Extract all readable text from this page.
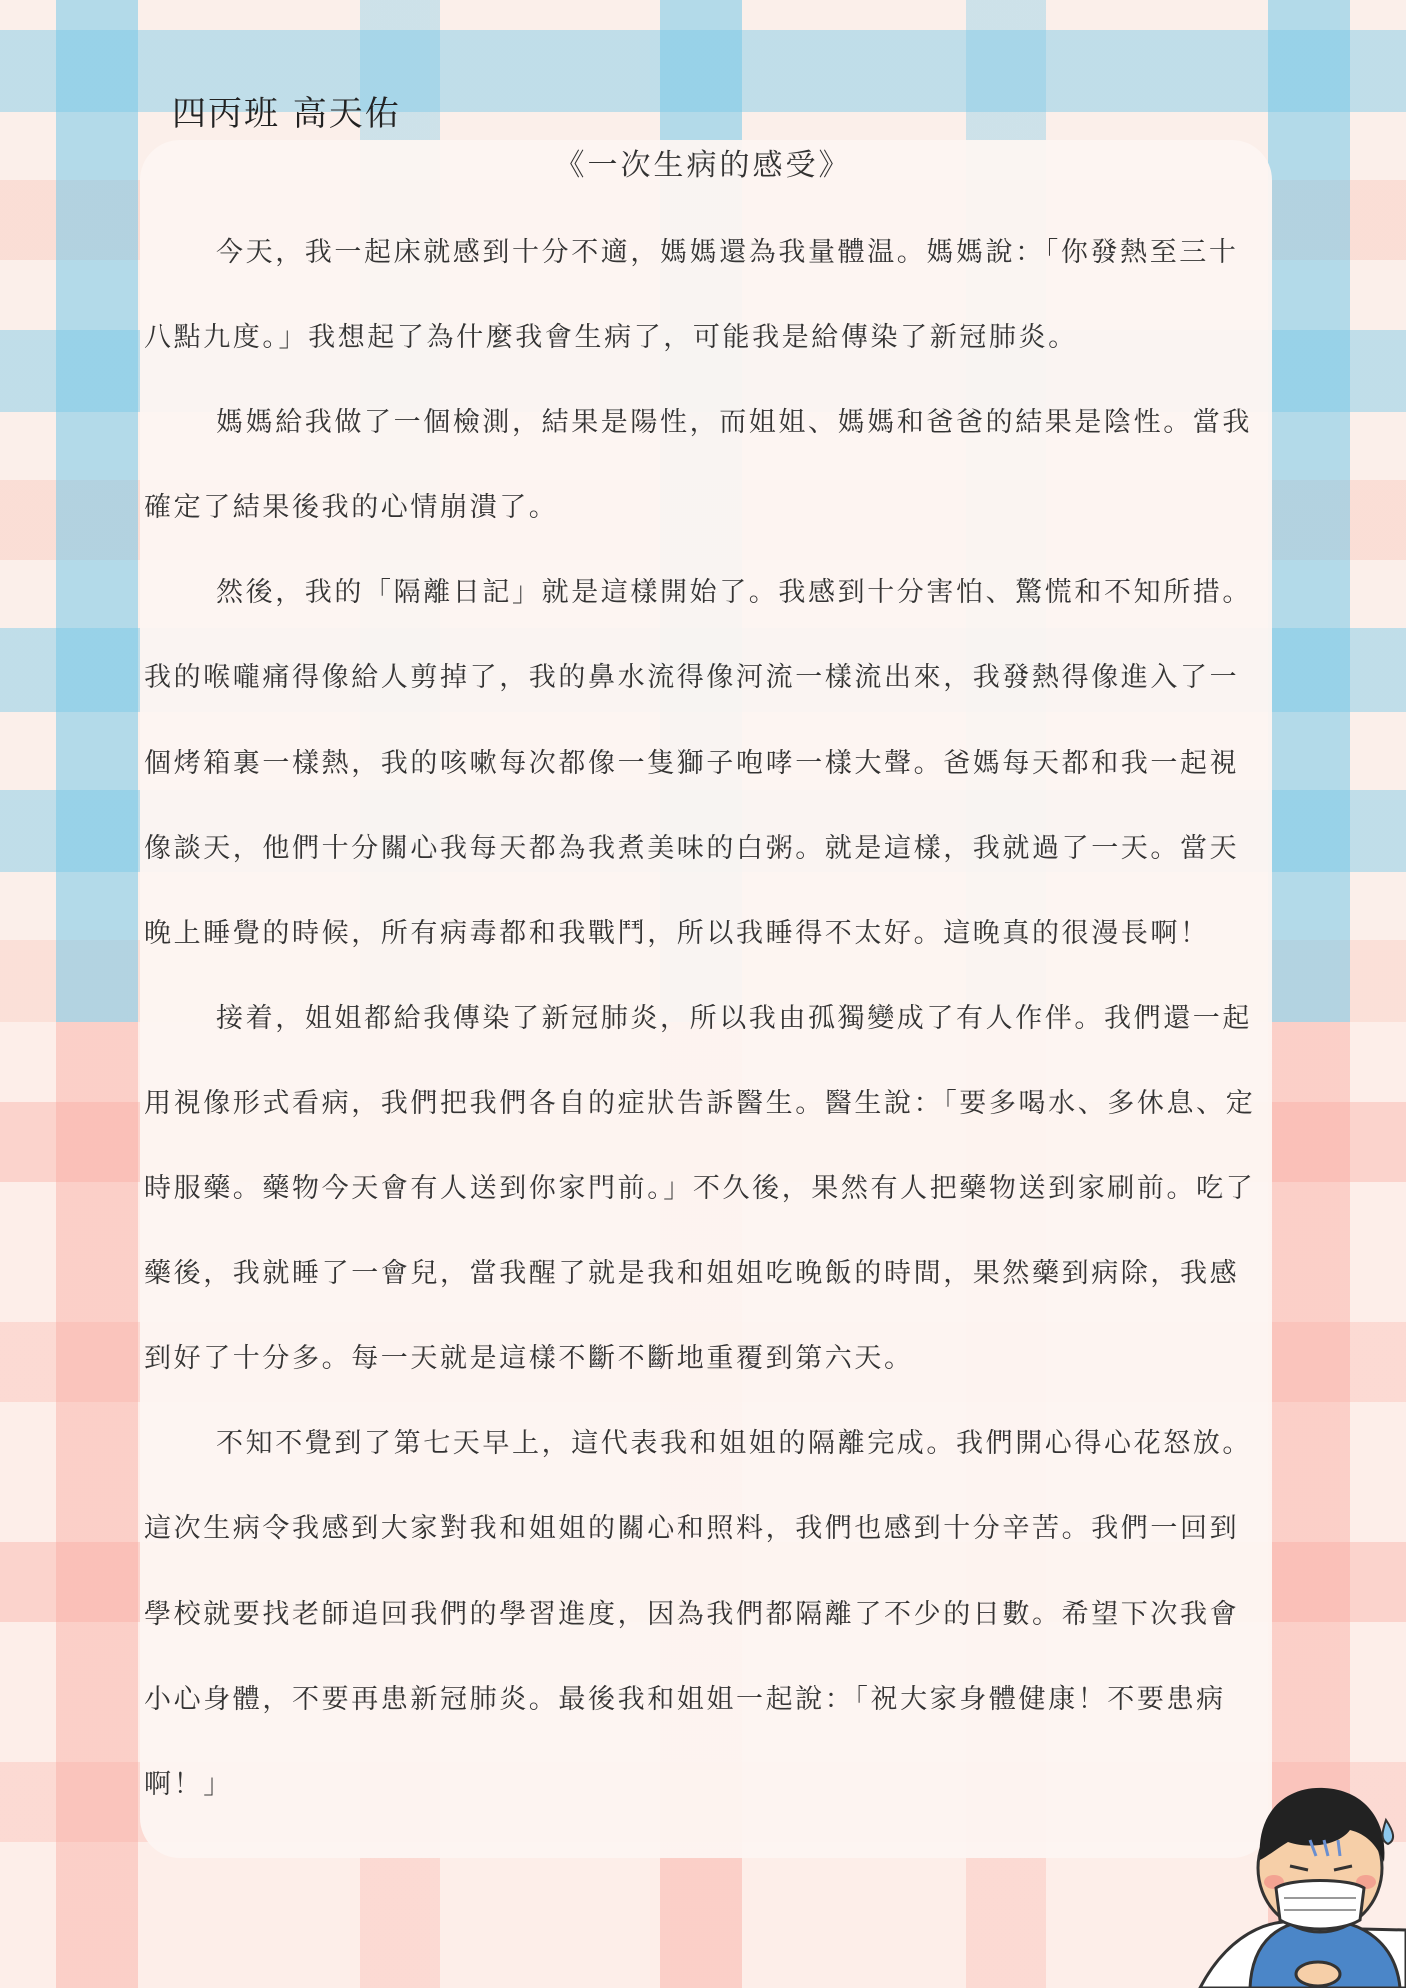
四丙班 高天佑
《一次生病的感受》

今天，我一起床就感到十分不適，媽媽還為我量體温。媽媽說：「你發熱至三十八點九度。」我想起了為什麼我會生病了，可能我是給傳染了新冠肺炎。

媽媽給我做了一個檢測，結果是陽性，而姐姐、媽媽和爸爸的結果是陰性。當我確定了結果後我的心情崩潰了。

然後，我的「隔離日記」就是這樣開始了。我感到十分害怕、驚慌和不知所措。我的喉嚨痛得像給人剪掉了，我的鼻水流得像河流一樣流出來，我發熱得像進入了一個烤箱裏一樣熱，我的咳嗽每次都像一隻獅子咆哮一樣大聲。爸媽每天都和我一起視像談天，他們十分關心我每天都為我煮美味的白粥。就是這樣，我就過了一天。當天晚上睡覺的時候，所有病毒都和我戰鬥，所以我睡得不太好。這晚真的很漫長啊！

接着，姐姐都給我傳染了新冠肺炎，所以我由孤獨變成了有人作伴。我們還一起用視像形式看病，我們把我們各自的症狀告訴醫生。醫生說：「要多喝水、多休息、定時服藥。藥物今天會有人送到你家門前。」不久後，果然有人把藥物送到家刷前。吃了藥後，我就睡了一會兒，當我醒了就是我和姐姐吃晚飯的時間，果然藥到病除，我感到好了十分多。每一天就是這樣不斷不斷地重覆到第六天。

不知不覺到了第七天早上，這代表我和姐姐的隔離完成。我們開心得心花怒放。這次生病令我感到大家對我和姐姐的關心和照料，我們也感到十分辛苦。我們一回到學校就要找老師追回我們的學習進度，因為我們都隔離了不少的日數。希望下次我會小心身體，不要再患新冠肺炎。最後我和姐姐一起說：「祝大家身體健康！不要患病啊！」
